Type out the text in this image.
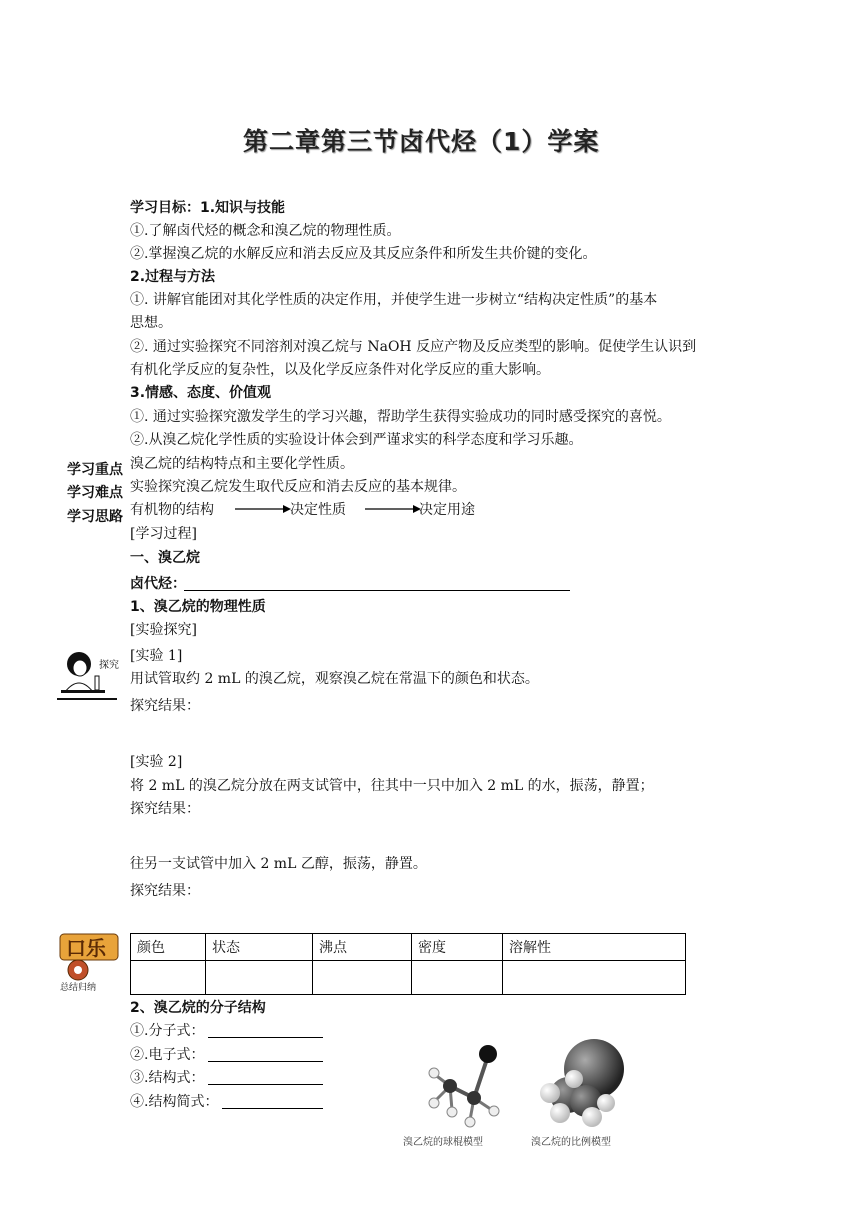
第二章第三节卤代烃（1）学案
学习目标：1.知识与技能
①.了解卤代烃的概念和溴乙烷的物理性质。
②.掌握溴乙烷的水解反应和消去反应及其反应条件和所发生共价键的变化。
2.过程与方法
①. 讲解官能团对其化学性质的决定作用，并使学生进一步树立“结构决定性质”的基本
思想。
②. 通过实验探究不同溶剂对溴乙烷与 NaOH 反应产物及反应类型的影响。促使学生认识到
有机化学反应的复杂性，以及化学反应条件对化学反应的重大影响。
3.情感、态度、价值观
①. 通过实验探究激发学生的学习兴趣，帮助学生获得实验成功的同时感受探究的喜悦。
②.从溴乙烷化学性质的实验设计体会到严谨求实的科学态度和学习乐趣。
学习重点 溴乙烷的结构特点和主要化学性质。
学习难点 实验探究溴乙烷发生取代反应和消去反应的基本规律。
学习思路 有机物的结构	决定性质	决定用途
[学习过程]
一、溴乙烷
卤代烃：
1、溴乙烷的物理性质
[实验探究]
探究
[实验 1]
用试管取约 2 mL 的溴乙烷，观察溴乙烷在常温下的颜色和状态。
探究结果：
[实验 2]
将 2 mL 的溴乙烷分放在两支试管中，往其中一只中加入 2 mL 的水，振荡，静置；
探究结果：
往另一支试管中加入 2 mL 乙醇，振荡，静置。
探究结果：
口乐
总结归纳
颜色	状态	沸点	密度	溶解性

2、溴乙烷的分子结构
①.分子式：
②.电子式：
③.结构式：
④.结构简式：
溴乙烷的球棍模型	溴乙烷的比例模型
